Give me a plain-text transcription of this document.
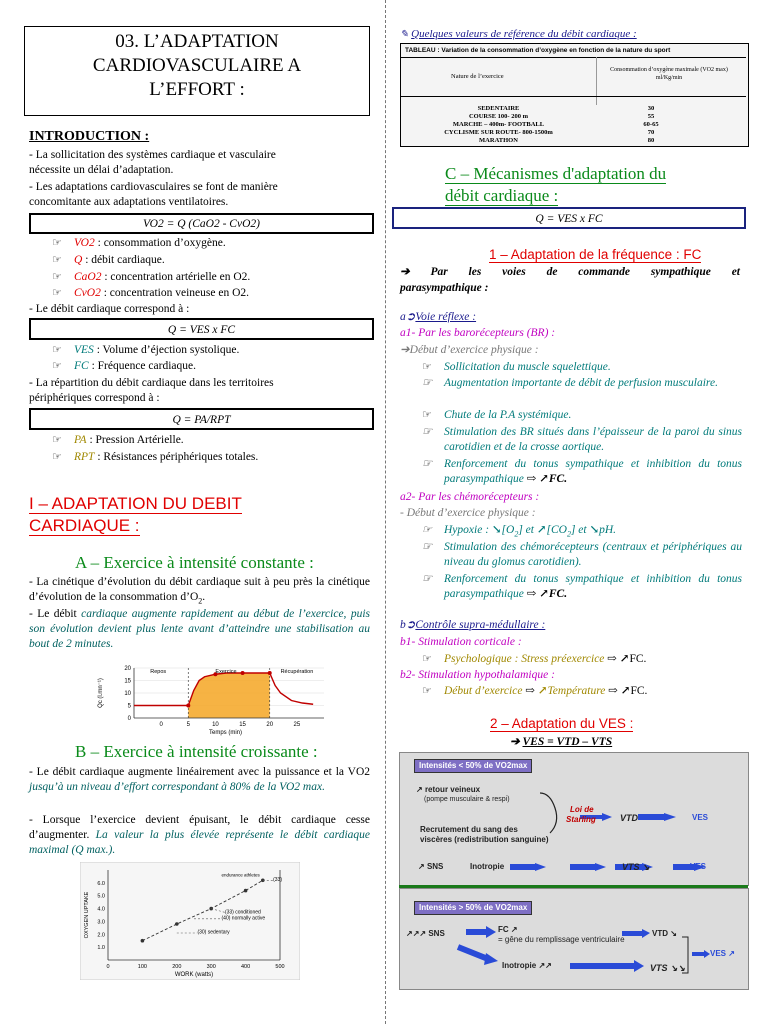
03. L’ADAPTATION
CARDIOVASCULAIRE A
L’EFFORT :
INTRODUCTION :
- La sollicitation des systèmes cardiaque et vasculaire
nécessite un délai d’adaptation.
- Les adaptations cardiovasculaires se font de manière
concomitante aux adaptations ventilatoires.
VO2 = Q (CaO2 - CvO2)
☞ VO2 : consommation d’oxygène.
☞ Q : débit cardiaque.
☞ CaO2 : concentration artérielle en O2.
☞ CvO2 : concentration veineuse en O2.
- Le débit cardiaque correspond à :
Q = VES x FC
☞ VES : Volume d’éjection systolique.
☞ FC : Fréquence cardiaque.
- La répartition du débit cardiaque dans les territoires
périphériques correspond à :
Q = PA/RPT
☞ PA : Pression Artérielle.
☞ RPT : Résistances périphériques totales.
I – ADAPTATION DU DEBIT
CARDIAQUE :
A – Exercice à intensité constante :
- La cinétique d’évolution du débit cardiaque suit à peu près la cinétique d’évolution de la consommation $d’O_2$.
- Le débit cardiaque augmente rapidement au début de l’exercice, puis son évolution devient plus lente avant d’atteindre une stabilisation au bout de 2 minutes.
0	5	10	15	20	25
0
5
10
15
20
Temps (min)
Qc (l.mn⁻¹)
Repos	Exercice	Récupération
B – Exercice à intensité croissante :
- Le débit cardiaque augmente linéairement avec la puissance et la VO2 jusqu’à un niveau d’effort correspondant à 80% de la VO2 max.
- Lorsque l’exercice devient épuisant, le débit cardiaque cesse d’augmenter. La valeur la plus élevée représente le débit cardiaque maximal (Q max.).
0	100	200	300	400	500
1.0
2.0
3.0
4.0
5.0
6.0
WORK (watts)
OXYGEN UPTAKE
endurance athletes
(33)
(33) conditioned
(40) normally active
(30) sedentary
✎ Quelques valeurs de référence du débit cardiaque :
TABLEAU : Variation de la consommation d’oxygène en fonction de la nature du sport
Nature de l’exercice
Consommation d’oxygène maximale (VO2 max) ml/Kg/min
SEDENTAIRE	30
COURSE 100- 200 m	55
MARCHE – 400m- FOOTBALL	60-65
CYCLISME SUR ROUTE- 800-1500m	70
MARATHON	80
C – Mécanismes d'adaptation du
débit cardiaque :
Q = VES x FC
1 – Adaptation de la fréquence : FC
➔ Par les voies de commande sympathique et
parasympathique :
a➲Voie réflexe :
a1- Par les barorécepteurs (BR) :
➔Début d’exercice physique :
☞ Sollicitation du muscle squelettique.
☞ Augmentation importante de débit de perfusion musculaire.
☞ Chute de la P.A systémique.
☞ Stimulation des BR situés dans l’épaisseur de la paroi du sinus carotidien et de la crosse aortique.
☞ Renforcement du tonus sympathique et inhibition du tonus parasympathique ⇨ ↗FC.
a2- Par les chémorécepteurs :
- Début d’exercice physique :
☞ Hypoxie : $↘[O_2]$ et $↗[CO_2]$ et ↘pH.
☞ Stimulation des chémorécepteurs (centraux et périphériques au niveau du glomus carotidien).
☞ Renforcement du tonus sympathique et inhibition du tonus parasympathique ⇨ ↗FC.
b➲Contrôle supra-médullaire :
b1- Stimulation corticale :
☞ Psychologique : Stress préexercice ⇨ ↗FC.
b2- Stimulation hypothalamique :
☞ Début d’exercice ⇨ ↗Température ⇨ ↗FC.
2 – Adaptation du VES :
➔ VES = VTD – VTS
Intensités < 50% de VO2max
↗ retour veineux
(pompe musculaire & respi)
Recrutement du sang des
viscères (redistribution sanguine)
Loi de
Starling	VTD	VES
↗ SNS	Inotropie	VTS ↘	VES
Intensités > 50% de VO2max
↗↗↗ SNS	FC ↗
= gêne du remplissage ventriculaire
VTD ↘
VES ↗
Inotropie ↗↗	VTS ↘↘
